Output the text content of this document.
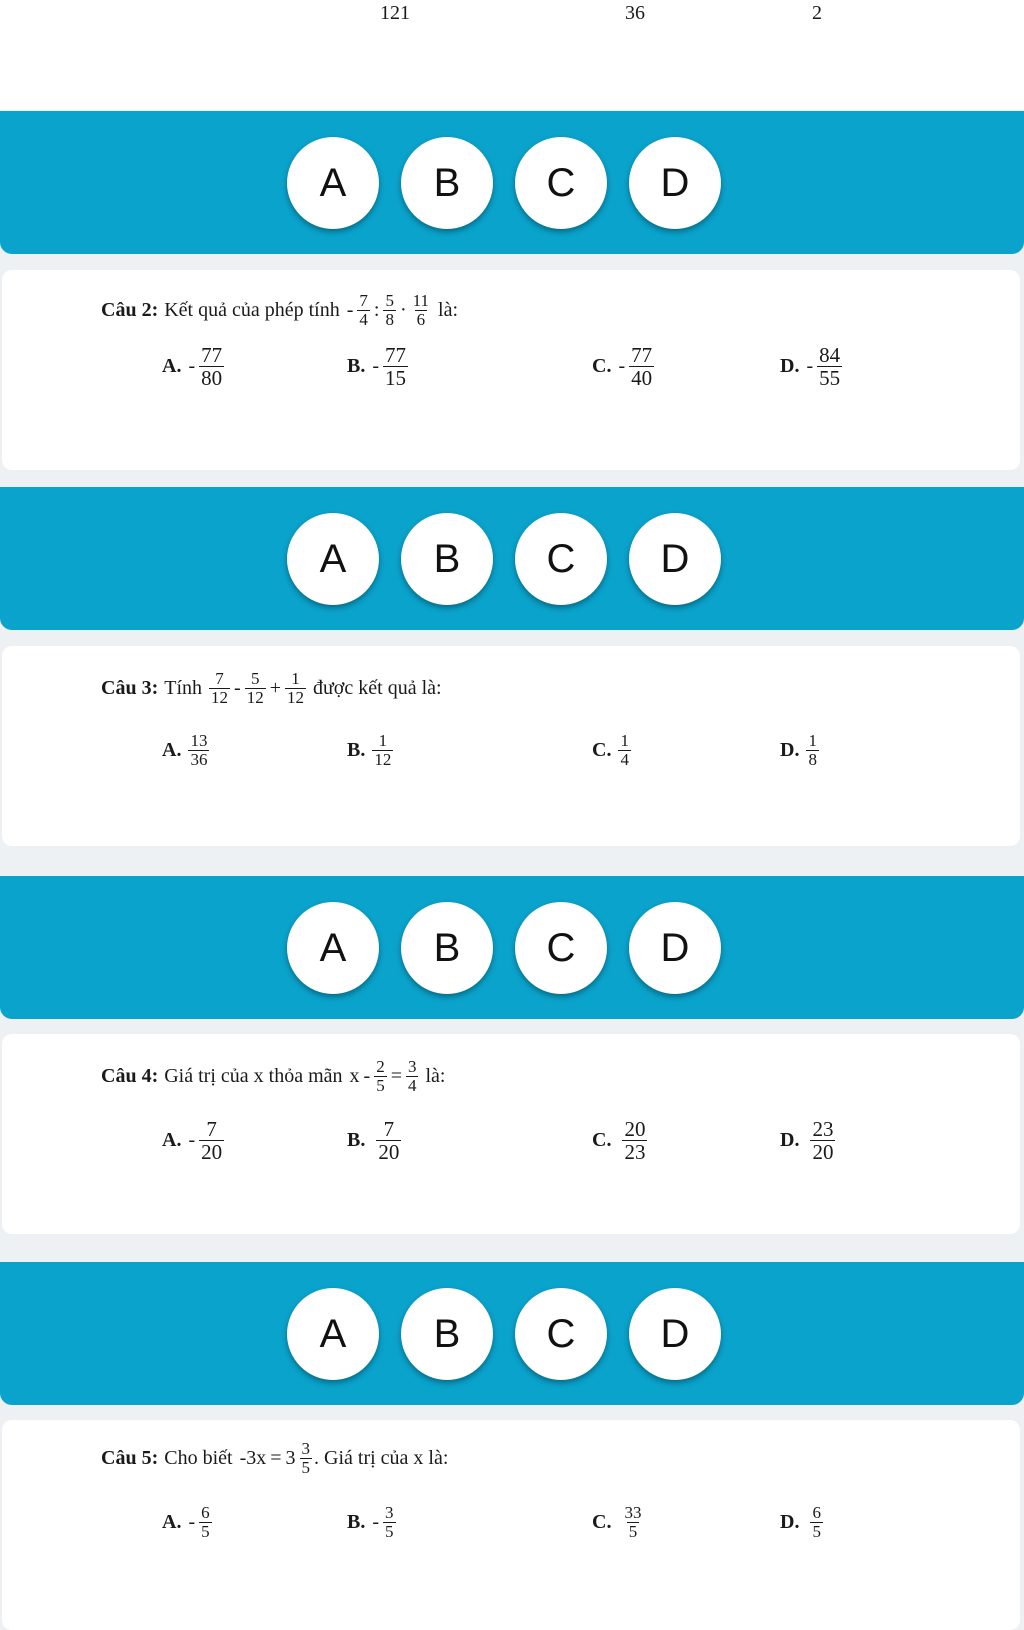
121	36	2
A	B	C	D
Câu 2: Kết quả của phép tính
- $\frac{7}{4}$ : $\frac{5}{8} \cdot \frac{11}{6}$
là:
A. - $\frac{77}{80}$	B. - $\frac{77}{15}$	C. - $\frac{77}{40}$	D. - $\frac{84}{55}$
A	B	C	D
Câu 3: Tính
$\frac{7}{12} - \frac{5}{12} + \frac{1}{12}$
được kết quả là:
A. $\frac{13}{36}$	B. $\frac{1}{12}$	C. $\frac{1}{4}$	D. $\frac{1}{8}$
A	B	C	D
Câu 4: Giá trị của x thỏa mãn
$x - \frac{2}{5} = \frac{3}{4}$
là:
A. - $\frac{7}{20}$	B. $\frac{7}{20}$	C. $\frac{20}{23}$	D. $\frac{23}{20}$
A	B	C	D
Câu 5: Cho biết
$-3x = 3 \frac{3}{5}$ . Giá trị của x là:
A. - $\frac{6}{5}$	B. - $\frac{3}{5}$	C. $\frac{33}{5}$	D. $\frac{6}{5}$
